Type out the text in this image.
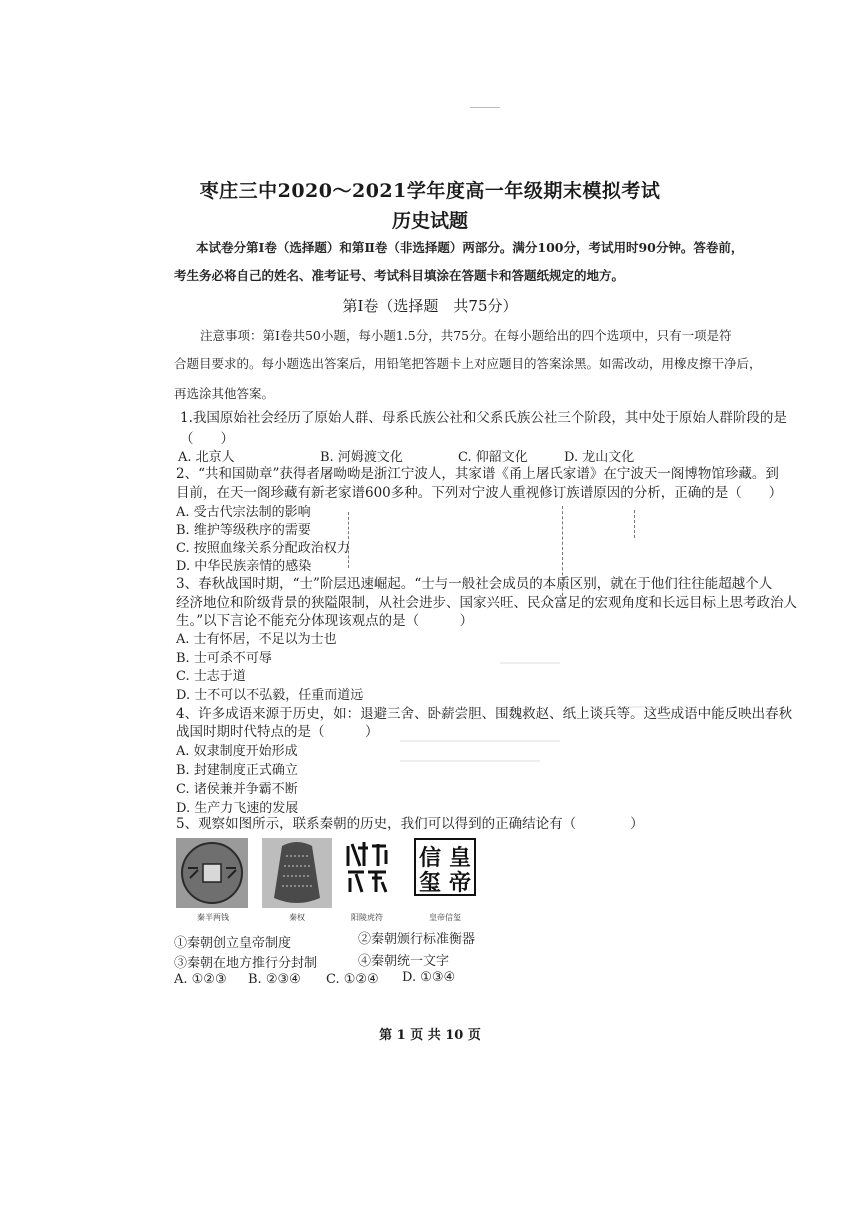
枣庄三中2020～2021学年度高一年级期末模拟考试
历史试题
本试卷分第Ⅰ卷（选择题）和第Ⅱ卷（非选择题）两部分。满分100分，考试用时90分钟。答卷前，
考生务必将自己的姓名、准考证号、考试科目填涂在答题卡和答题纸规定的地方。
第Ⅰ卷（选择题　共75分）
注意事项：第Ⅰ卷共50小题，每小题1.5分，共75分。在每小题给出的四个选项中，只有一项是符
合题目要求的。每小题选出答案后，用铅笔把答题卡上对应题目的答案涂黑。如需改动，用橡皮擦干净后，
再选涂其他答案。
1.我国原始社会经历了原始人群、母系氏族公社和父系氏族公社三个阶段，其中处于原始人群阶段的是
（　　）
A. 北京人	B. 河姆渡文化	C. 仰韶文化	D. 龙山文化
2、“共和国勋章”获得者屠呦呦是浙江宁波人，其家谱《甬上屠氏家谱》在宁波天一阁博物馆珍藏。到
目前，在天一阁珍藏有新老家谱600多种。下列对宁波人重视修订族谱原因的分析，正确的是（　　）
A. 受古代宗法制的影响
B. 维护等级秩序的需要
C. 按照血缘关系分配政治权力
D. 中华民族亲情的感染
3、春秋战国时期，“士”阶层迅速崛起。“士与一般社会成员的本质区别，就在于他们往往能超越个人
经济地位和阶级背景的狭隘限制，从社会进步、国家兴旺、民众富足的宏观角度和长远目标上思考政治人
生。”以下言论不能充分体现该观点的是（　　　）
A. 士有怀居，不足以为士也
B. 士可杀不可辱
C. 士志于道
D. 士不可以不弘毅，任重而道远
4、许多成语来源于历史，如：退避三舍、卧薪尝胆、围魏救赵、纸上谈兵等。这些成语中能反映出春秋
战国时期时代特点的是（　　　）
A. 奴隶制度开始形成
B. 封建制度正式确立
C. 诸侯兼并争霸不断
D. 生产力飞速的发展
5、观察如图所示，联系秦朝的历史，我们可以得到的正确结论有（　　　　）
皇
帝
信
玺
秦半两钱	秦权	阳陵虎符	皇帝信玺
①秦朝创立皇帝制度	②秦朝颁行标准衡器
③秦朝在地方推行分封制	④秦朝统一文字
A. ①②③ B. ②③④ C. ①②④ D. ①③④
第 1 页 共 10 页
